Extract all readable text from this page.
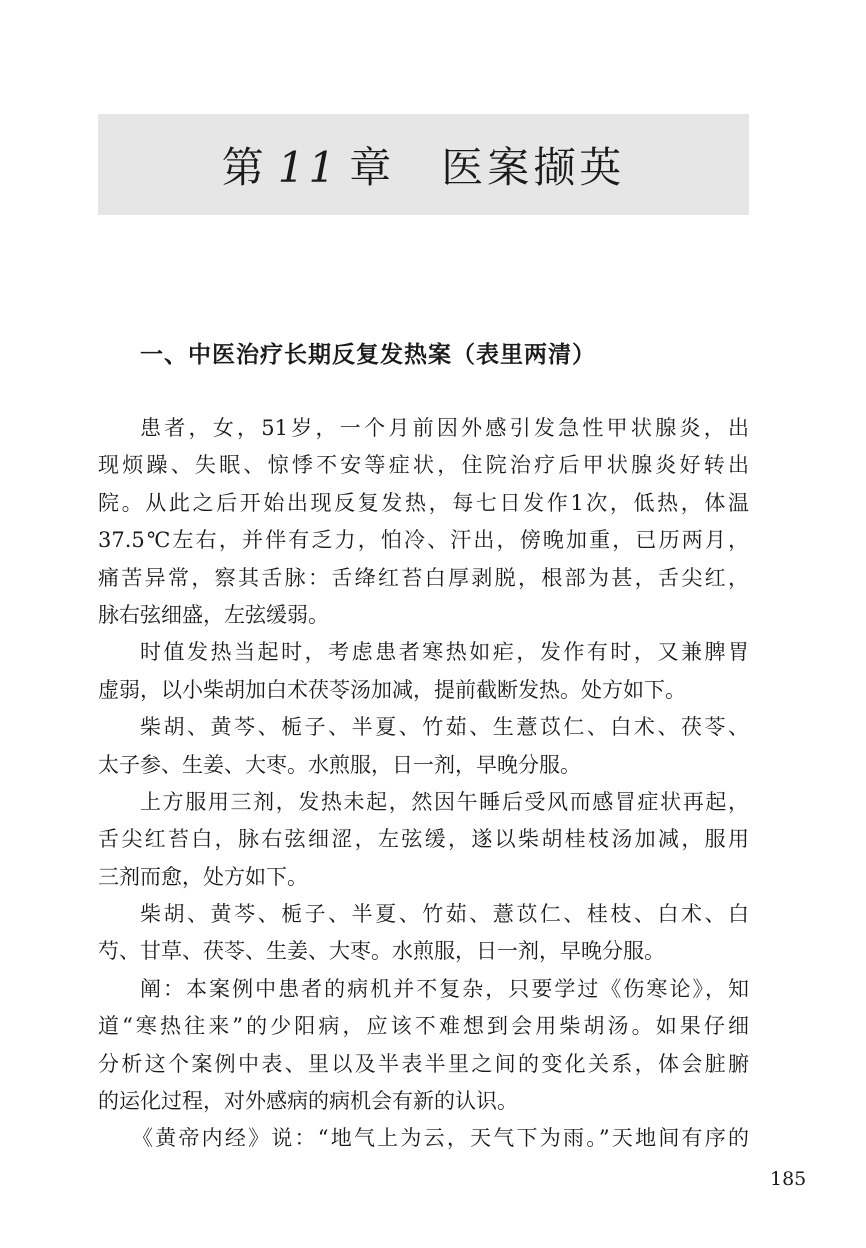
第 11 章 医案撷英
一、中医治疗长期反复发热案（表里两清）
患者，女，51岁，一个月前因外感引发急性甲状腺炎，出
现烦躁、失眠、惊悸不安等症状，住院治疗后甲状腺炎好转出
院。从此之后开始出现反复发热，每七日发作1次，低热，体温
37.5℃左右，并伴有乏力，怕冷、汗出，傍晚加重，已历两月，
痛苦异常，察其舌脉：舌绛红苔白厚剥脱，根部为甚，舌尖红，
脉右弦细盛，左弦缓弱。
时值发热当起时，考虑患者寒热如疟，发作有时，又兼脾胃
虚弱，以小柴胡加白术茯苓汤加减，提前截断发热。处方如下。
柴胡、黄芩、栀子、半夏、竹茹、生薏苡仁、白术、茯苓、
太子参、生姜、大枣。水煎服，日一剂，早晚分服。
上方服用三剂，发热未起，然因午睡后受风而感冒症状再起，
舌尖红苔白，脉右弦细涩，左弦缓，遂以柴胡桂枝汤加减，服用
三剂而愈，处方如下。
柴胡、黄芩、栀子、半夏、竹茹、薏苡仁、桂枝、白术、白
芍、甘草、茯苓、生姜、大枣。水煎服，日一剂，早晚分服。
阐：本案例中患者的病机并不复杂，只要学过《伤寒论》，知
道“寒热往来”的少阳病，应该不难想到会用柴胡汤。如果仔细
分析这个案例中表、里以及半表半里之间的变化关系，体会脏腑
的运化过程，对外感病的病机会有新的认识。
《黄帝内经》说：“地气上为云，天气下为雨。”天地间有序的
185
